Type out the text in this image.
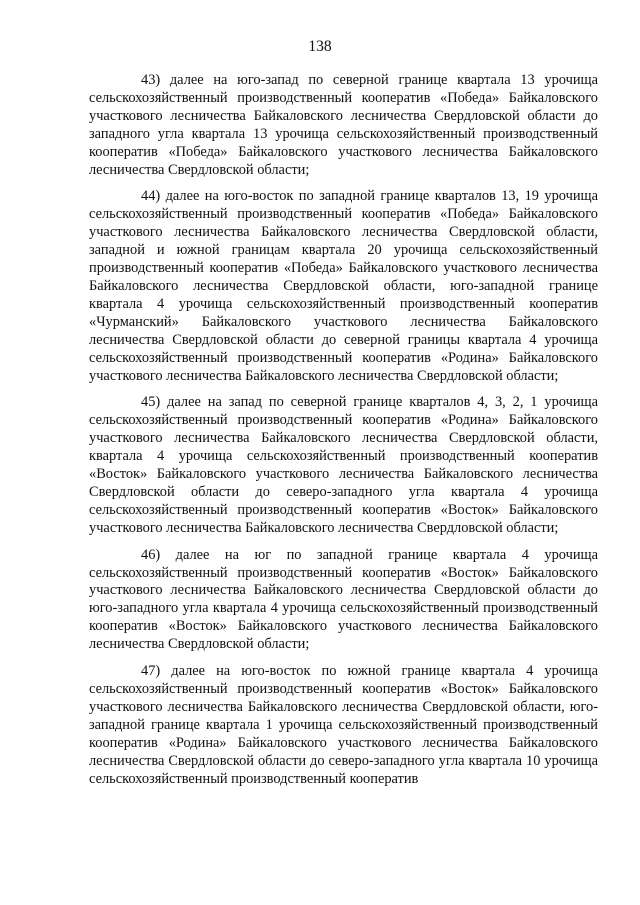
138

43) далее на юго-запад по северной границе квартала 13 урочища сельскохозяйственный производственный кооператив «Победа» Байкаловского участкового лесничества Байкаловского лесничества Свердловской области до западного угла квартала 13 урочища сельскохозяйственный производственный кооператив «Победа» Байкаловского участкового лесничества Байкаловского лесничества Свердловской области;

44) далее на юго-восток по западной границе кварталов 13, 19 урочища сельскохозяйственный производственный кооператив «Победа» Байкаловского участкового лесничества Байкаловского лесничества Свердловской области, западной и южной границам квартала 20 урочища сельскохозяйственный производственный кооператив «Победа» Байкаловского участкового лесничества Байкаловского лесничества Свердловской области, юго-западной границе квартала 4 урочища сельскохозяйственный производственный кооператив «Чурманский» Байкаловского участкового лесничества Байкаловского лесничества Свердловской области до северной границы квартала 4 урочища сельскохозяйственный производственный кооператив «Родина» Байкаловского участкового лесничества Байкаловского лесничества Свердловской области;

45) далее на запад по северной границе кварталов 4, 3, 2, 1 урочища сельскохозяйственный производственный кооператив «Родина» Байкаловского участкового лесничества Байкаловского лесничества Свердловской области, квартала 4 урочища сельскохозяйственный производственный кооператив «Восток» Байкаловского участкового лесничества Байкаловского лесничества Свердловской области до северо-западного угла квартала 4 урочища сельскохозяйственный производственный кооператив «Восток» Байкаловского участкового лесничества Байкаловского лесничества Свердловской области;

46) далее на юг по западной границе квартала 4 урочища сельскохозяйственный производственный кооператив «Восток» Байкаловского участкового лесничества Байкаловского лесничества Свердловской области до юго-западного угла квартала 4 урочища сельскохозяйственный производственный кооператив «Восток» Байкаловского участкового лесничества Байкаловского лесничества Свердловской области;

47) далее на юго-восток по южной границе квартала 4 урочища сельскохозяйственный производственный кооператив «Восток» Байкаловского участкового лесничества Байкаловского лесничества Свердловской области, юго-западной границе квартала 1 урочища сельскохозяйственный производственный кооператив «Родина» Байкаловского участкового лесничества Байкаловского лесничества Свердловской области до северо-западного угла квартала 10 урочища сельскохозяйственный производственный кооператив
